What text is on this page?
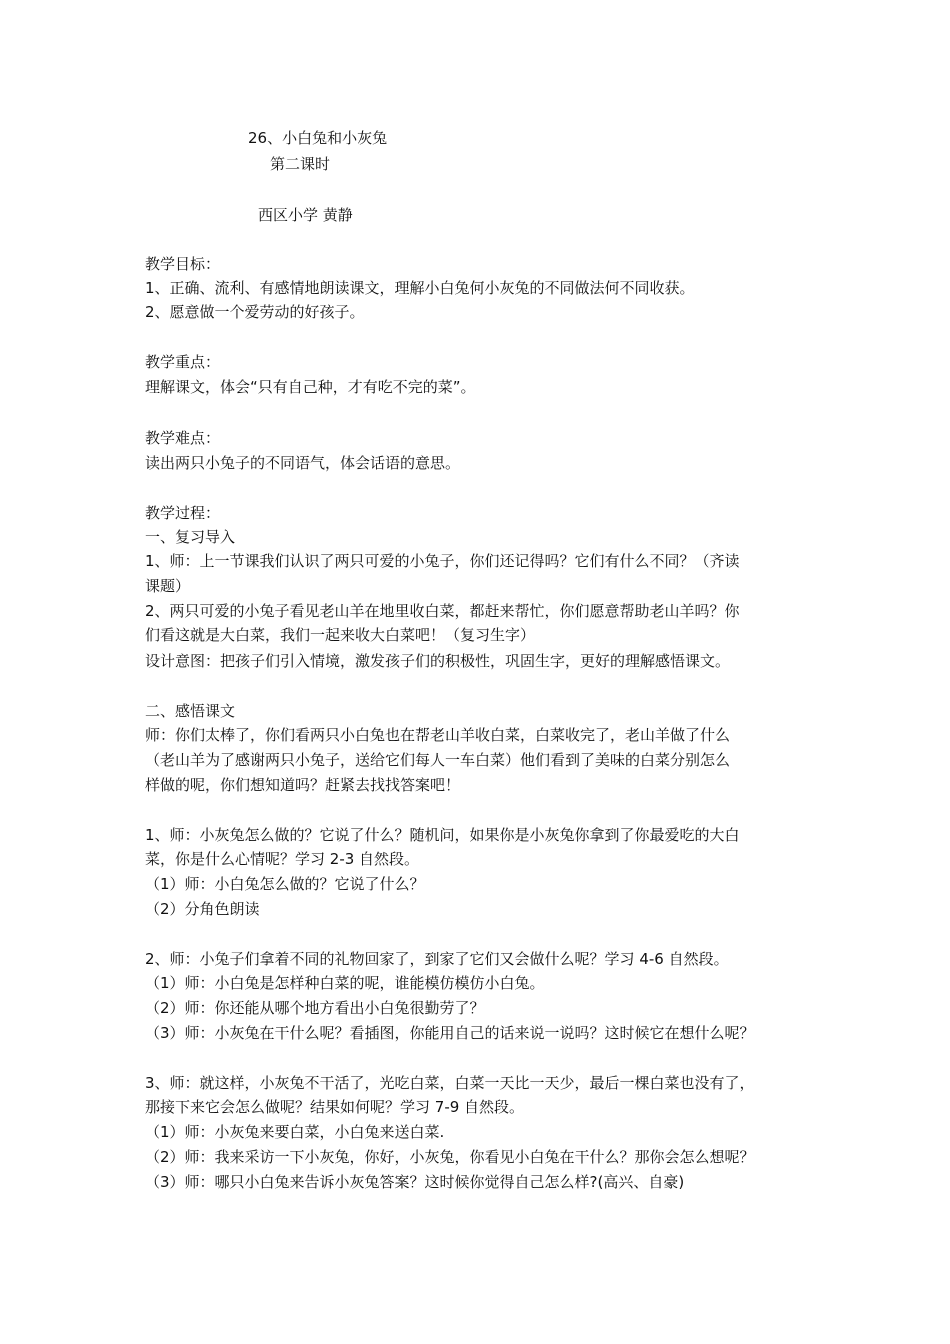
26、小白兔和小灰兔
第二课时
西区小学 黄静
教学目标：
1、正确、流利、有感情地朗读课文，理解小白兔何小灰兔的不同做法何不同收获。
2、愿意做一个爱劳动的好孩子。
教学重点：
理解课文，体会“只有自己种，才有吃不完的菜”。
教学难点：
读出两只小兔子的不同语气，体会话语的意思。
教学过程：
一、复习导入
1、师：上一节课我们认识了两只可爱的小兔子，你们还记得吗？它们有什么不同？（齐读
课题）
2、两只可爱的小兔子看见老山羊在地里收白菜，都赶来帮忙，你们愿意帮助老山羊吗？你
们看这就是大白菜，我们一起来收大白菜吧！（复习生字）
设计意图：把孩子们引入情境，激发孩子们的积极性，巩固生字，更好的理解感悟课文。
二、感悟课文
师：你们太棒了，你们看两只小白兔也在帮老山羊收白菜，白菜收完了，老山羊做了什么
（老山羊为了感谢两只小兔子，送给它们每人一车白菜）他们看到了美味的白菜分别怎么
样做的呢，你们想知道吗？赶紧去找找答案吧！
1、师：小灰兔怎么做的？它说了什么？随机问，如果你是小灰兔你拿到了你最爱吃的大白
菜，你是什么心情呢？学习 2-3 自然段。
（1）师：小白兔怎么做的？它说了什么？
（2）分角色朗读
2、师：小兔子们拿着不同的礼物回家了，到家了它们又会做什么呢？学习 4-6 自然段。
（1）师：小白兔是怎样种白菜的呢，谁能模仿模仿小白兔。
（2）师：你还能从哪个地方看出小白兔很勤劳了？
（3）师：小灰兔在干什么呢？看插图，你能用自己的话来说一说吗？这时候它在想什么呢？
3、师：就这样，小灰兔不干活了，光吃白菜，白菜一天比一天少，最后一棵白菜也没有了，
那接下来它会怎么做呢？结果如何呢？学习 7-9 自然段。
（1）师：小灰兔来要白菜，小白兔来送白菜.
（2）师：我来采访一下小灰兔，你好，小灰兔，你看见小白兔在干什么？那你会怎么想呢？
（3）师：哪只小白兔来告诉小灰兔答案？这时候你觉得自己怎么样?(高兴、自豪)
